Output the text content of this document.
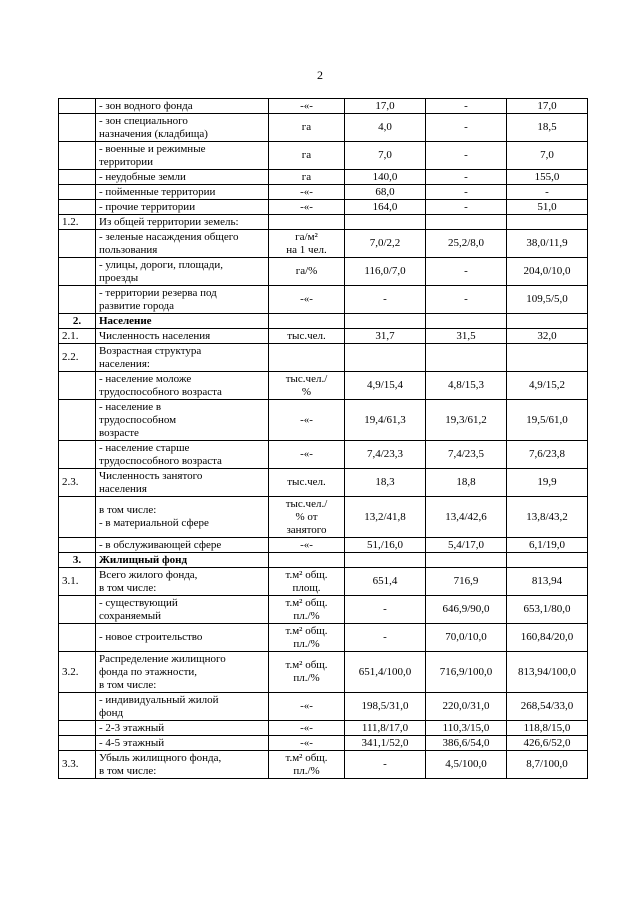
2

	- зон водного фонда	-«-	17,0	-	17,0

	- зон специального
назначения (кладбища)	га	4,0	-	18,5

	- военные и режимные
территории	га	7,0	-	7,0

	- неудобные земли	га	140,0	-	155,0

	- пойменные территории	-«-	68,0	-	-

	- прочие территории	-«-	164,0	-	51,0
1.2.	Из общей территории земель:				

	- зеленые насаждения общего
пользования	га/м²
на 1 чел.	7,0/2,2	25,2/8,0	38,0/11,9

	- улицы, дороги, площади,
проезды	га/%	116,0/7,0	-	204,0/10,0

	- территории резерва под
развитие города	-«-	-	-	109,5/5,0
2.	Население				

2.1.	Численность населения	тыс.чел.	31,7	31,5	32,0
2.2.	Возрастная структура
населения:				

	- население моложе
трудоспособного возраста	тыс.чел./
%	4,9/15,4	4,8/15,3	4,9/15,2

	- население в
трудоспособном
возрасте	-«-	19,4/61,3	19,3/61,2	19,5/61,0

	- население старше
трудоспособного возраста	-«-	7,4/23,3	7,4/23,5	7,6/23,8
2.3.	Численность занятого
населения	тыс.чел.	18,3	18,8	19,9

	в том числе:
- в материальной сфере	тыс.чел./
% от
занятого	13,2/41,8	13,4/42,6	13,8/43,2

	- в обслуживающей сфере	-«-	51,/16,0	5,4/17,0	6,1/19,0
3.	Жилищный фонд				

3.1.	Всего жилого фонда,
в том числе:	т.м² общ.
площ.	651,4	716,9	813,94

	- существующий
сохраняемый	т.м² общ.
пл./%	-	646,9/90,0	653,1/80,0

	- новое строительство	т.м² общ.
пл./%	-	70,0/10,0	160,84/20,0
3.2.	Распределение жилищного
фонда по этажности,
в том числе:	т.м² общ.
пл./%	651,4/100,0	716,9/100,0	813,94/100,0

	- индивидуальный жилой
фонд	-«-	198,5/31,0	220,0/31,0	268,54/33,0

	- 2-3 этажный	-«-	111,8/17,0	110,3/15,0	118,8/15,0

	- 4-5 этажный	-«-	341,1/52,0	386,6/54,0	426,6/52,0
3.3.	Убыль жилищного фонда,
в том числе:	т.м² общ.
пл./%	-	4,5/100,0	8,7/100,0
